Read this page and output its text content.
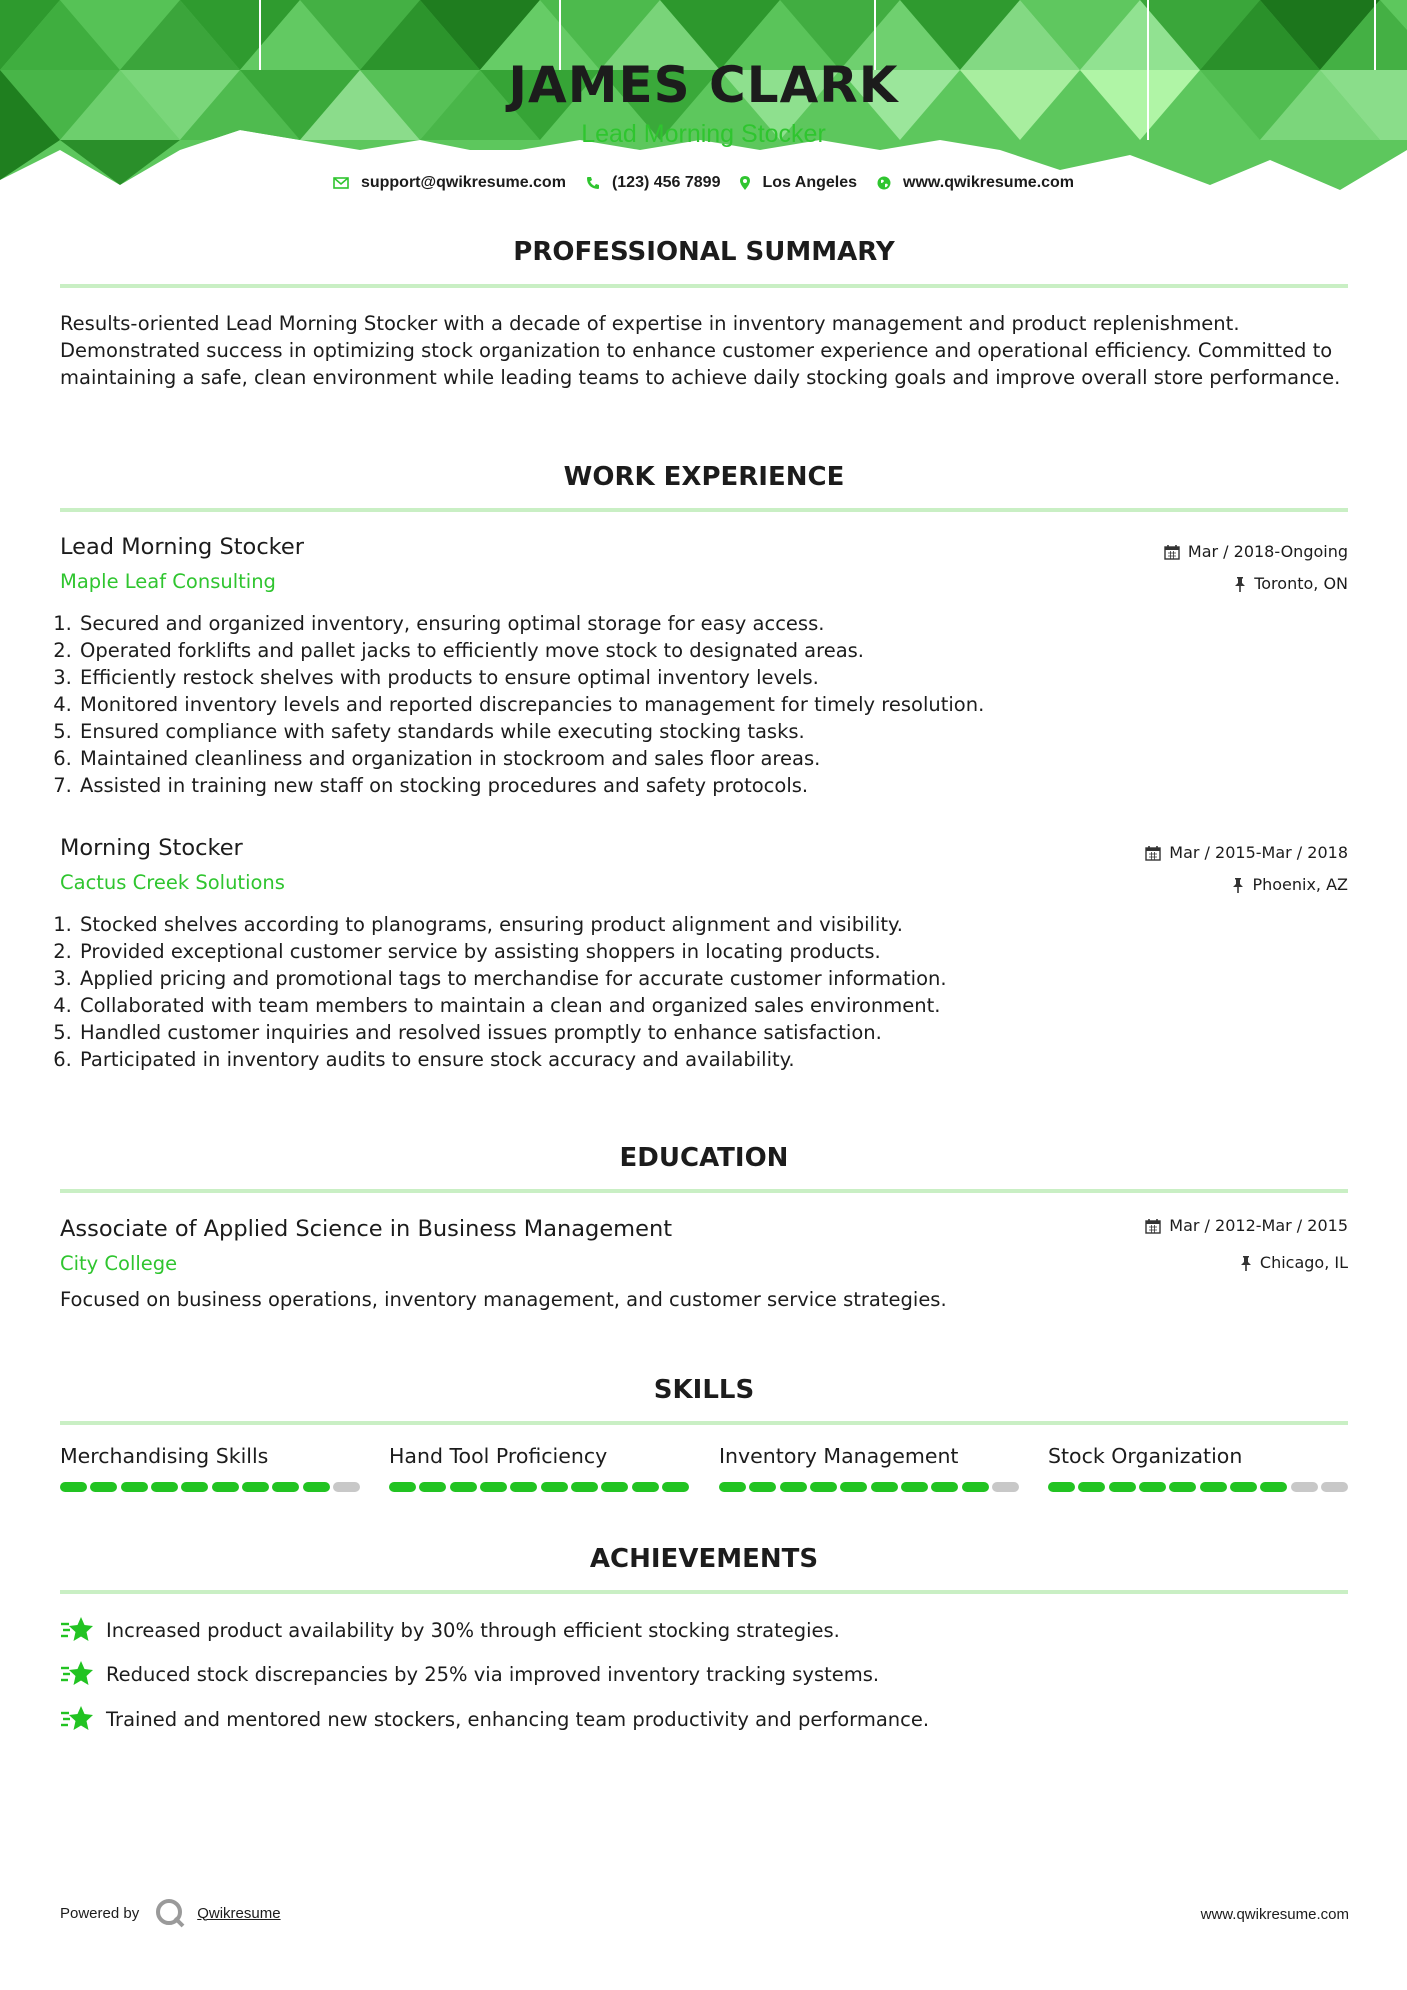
JAMES CLARK
Lead Morning Stocker
support@qwikresume.com	(123) 456 7899	Los Angeles	www.qwikresume.com
PROFESSIONAL SUMMARY
Results-oriented Lead Morning Stocker with a decade of expertise in inventory management and product replenishment. Demonstrated success in optimizing stock organization to enhance customer experience and operational efficiency. Committed to maintaining a safe, clean environment while leading teams to achieve daily stocking goals and improve overall store performance.
WORK EXPERIENCE
Lead Morning Stocker
Maple Leaf Consulting
Mar / 2018-Ongoing
Toronto, ON
1. Secured and organized inventory, ensuring optimal storage for easy access.
2. Operated forklifts and pallet jacks to efficiently move stock to designated areas.
3. Efficiently restock shelves with products to ensure optimal inventory levels.
4. Monitored inventory levels and reported discrepancies to management for timely resolution.
5. Ensured compliance with safety standards while executing stocking tasks.
6. Maintained cleanliness and organization in stockroom and sales floor areas.
7. Assisted in training new staff on stocking procedures and safety protocols.
Morning Stocker
Cactus Creek Solutions
Mar / 2015-Mar / 2018
Phoenix, AZ
1. Stocked shelves according to planograms, ensuring product alignment and visibility.
2. Provided exceptional customer service by assisting shoppers in locating products.
3. Applied pricing and promotional tags to merchandise for accurate customer information.
4. Collaborated with team members to maintain a clean and organized sales environment.
5. Handled customer inquiries and resolved issues promptly to enhance satisfaction.
6. Participated in inventory audits to ensure stock accuracy and availability.
EDUCATION
Associate of Applied Science in Business Management
City College
Mar / 2012-Mar / 2015
Chicago, IL
Focused on business operations, inventory management, and customer service strategies.
SKILLS
Merchandising Skills	Hand Tool Proficiency	Inventory Management	Stock Organization
ACHIEVEMENTS
Increased product availability by 30% through efficient stocking strategies.
Reduced stock discrepancies by 25% via improved inventory tracking systems.
Trained and mentored new stockers, enhancing team productivity and performance.
Powered by	Qwikresume	www.qwikresume.com
